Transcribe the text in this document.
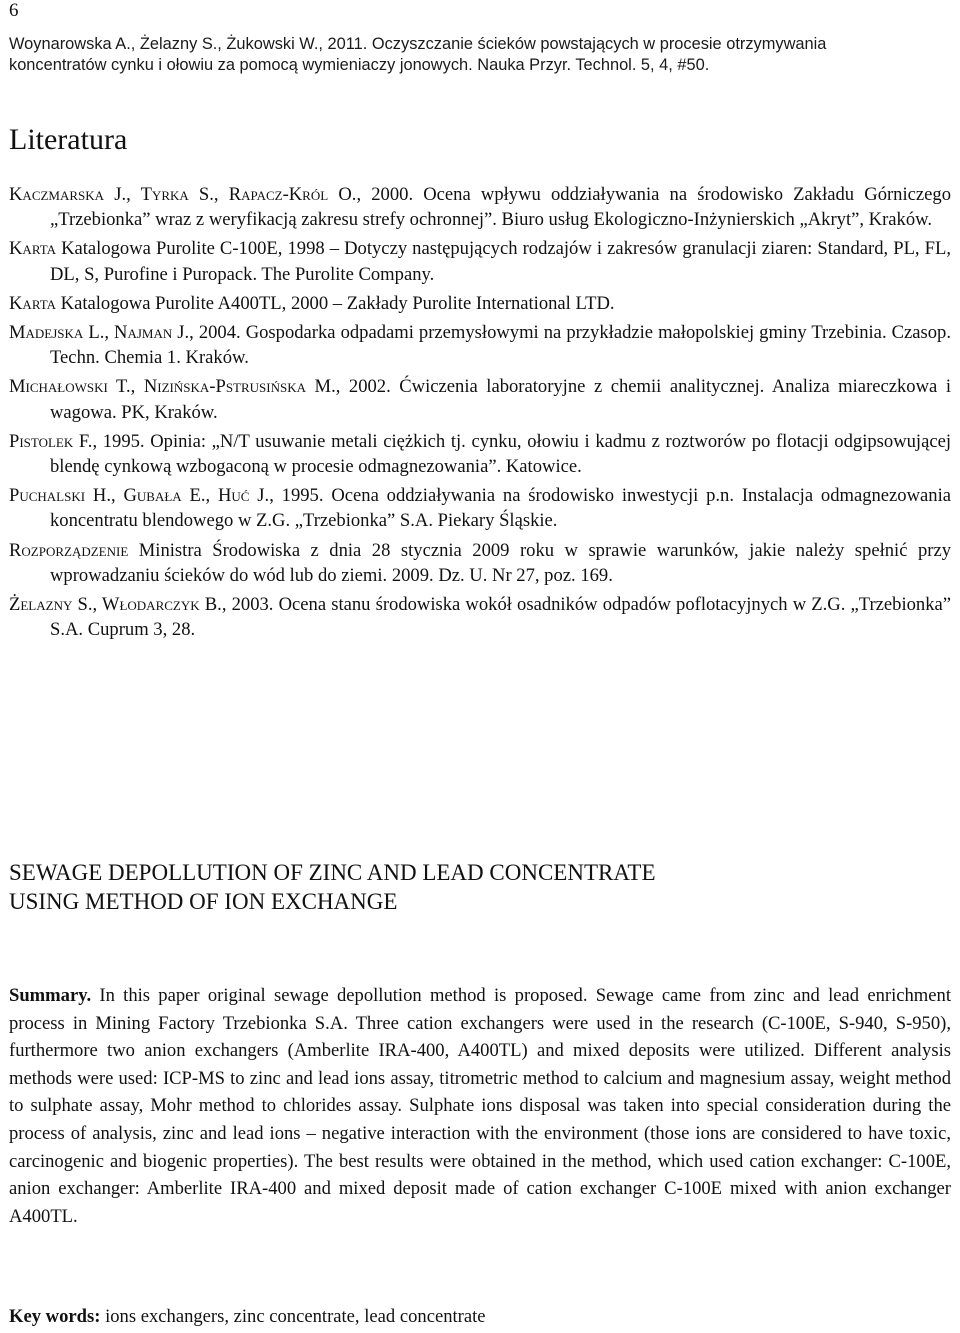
6
Woynarowska A., Żelazny S., Żukowski W., 2011. Oczyszczanie ścieków powstających w procesie otrzymywania
koncentratów cynku i ołowiu za pomocą wymieniaczy jonowych. Nauka Przyr. Technol. 5, 4, #50.
Literatura

Kaczmarska J., Tyrka S., Rapacz-Król O., 2000. Ocena wpływu oddziaływania na środowisko Zakładu Górniczego „Trzebionka” wraz z weryfikacją zakresu strefy ochronnej”. Biuro usług Ekologiczno-Inżynierskich „Akryt”, Kraków.

Karta Katalogowa Purolite C-100E, 1998 – Dotyczy następujących rodzajów i zakresów granulacji ziaren: Standard, PL, FL, DL, S, Purofine i Puropack. The Purolite Company.

Karta Katalogowa Purolite A400TL, 2000 – Zakłady Purolite International LTD.

Madejska L., Najman J., 2004. Gospodarka odpadami przemysłowymi na przykładzie małopolskiej gminy Trzebinia. Czasop. Techn. Chemia 1. Kraków.

Michałowski T., Nizińska-Pstrusińska M., 2002. Ćwiczenia laboratoryjne z chemii analitycznej. Analiza miareczkowa i wagowa. PK, Kraków.

Pistolek F., 1995. Opinia: „N/T usuwanie metali ciężkich tj. cynku, ołowiu i kadmu z roztworów po flotacji odgipsowującej blendę cynkową wzbogaconą w procesie odmagnezowania”. Katowice.

Puchalski H., Gubała E., Huć J., 1995. Ocena oddziaływania na środowisko inwestycji p.n. Instalacja odmagnezowania koncentratu blendowego w Z.G. „Trzebionka” S.A. Piekary Śląskie.

Rozporządzenie Ministra Środowiska z dnia 28 stycznia 2009 roku w sprawie warunków, jakie należy spełnić przy wprowadzaniu ścieków do wód lub do ziemi. 2009. Dz. U. Nr 27, poz. 169.

Żelazny S., Włodarczyk B., 2003. Ocena stanu środowiska wokół osadników odpadów poflotacyjnych w Z.G. „Trzebionka” S.A. Cuprum 3, 28.

SEWAGE DEPOLLUTION OF ZINC AND LEAD CONCENTRATE
USING METHOD OF ION EXCHANGE
Summary. In this paper original sewage depollution method is proposed. Sewage came from zinc and lead enrichment process in Mining Factory Trzebionka S.A. Three cation exchangers were used in the research (C-100E, S-940, S-950), furthermore two anion exchangers (Amberlite IRA-400, A400TL) and mixed deposits were utilized. Different analysis methods were used: ICP-MS to zinc and lead ions assay, titrometric method to calcium and magnesium assay, weight method to sulphate assay, Mohr method to chlorides assay. Sulphate ions disposal was taken into special consideration during the process of analysis, zinc and lead ions – negative interaction with the environment (those ions are considered to have toxic, carcinogenic and biogenic properties). The best results were obtained in the method, which used cation exchanger: C-100E, anion exchanger: Amberlite IRA-400 and mixed deposit made of cation exchanger C-100E mixed with anion exchanger A400TL.
Key words: ions exchangers, zinc concentrate, lead concentrate
